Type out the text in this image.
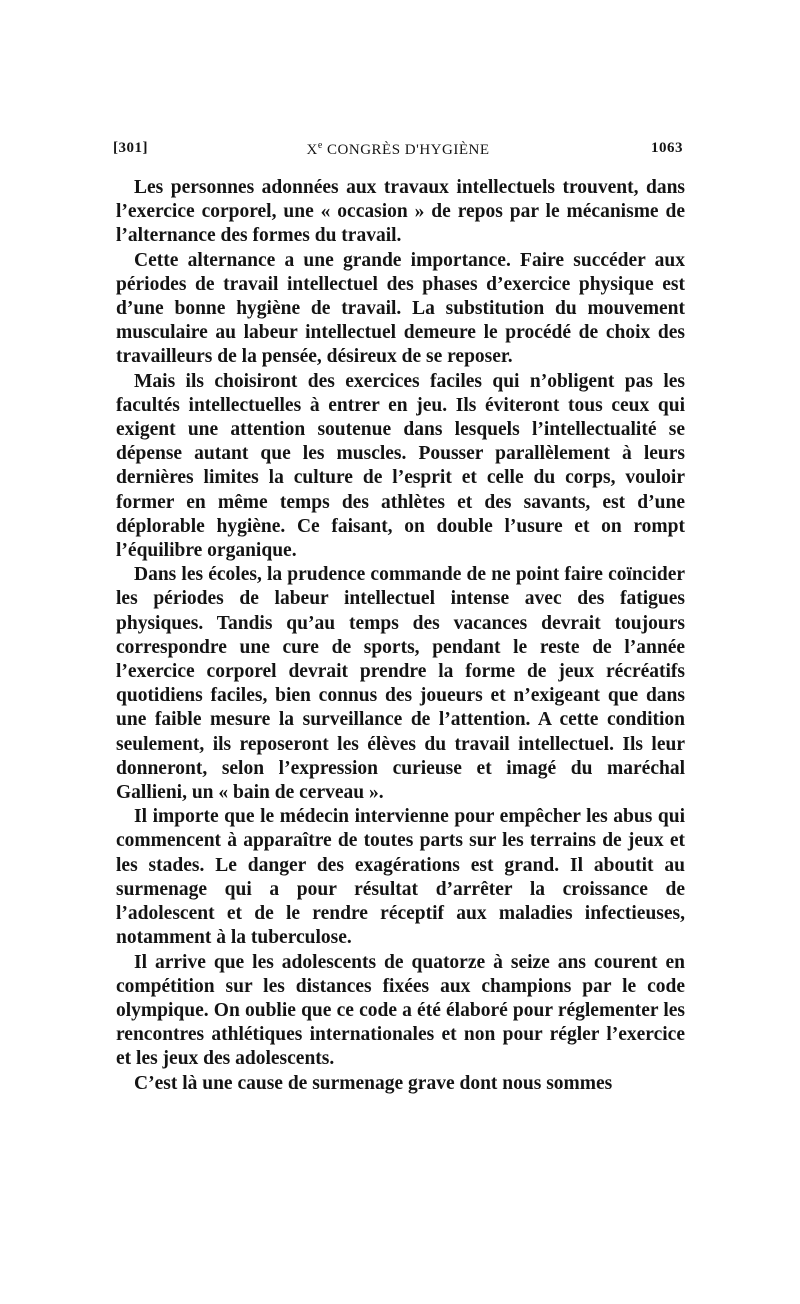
[301]	Xe CONGRÈS D'HYGIÈNE	1063

Les personnes adonnées aux travaux intellectuels trouvent, dans l’exercice corporel, une « occasion » de repos par le mécanisme de l’alternance des formes du travail.

Cette alternance a une grande importance. Faire succéder aux périodes de travail intellectuel des phases d’exercice physique est d’une bonne hygiène de travail. La substitution du mouvement musculaire au labeur intellectuel demeure le procédé de choix des travailleurs de la pensée, désireux de se reposer.

Mais ils choisiront des exercices faciles qui n’obligent pas les facultés intellectuelles à entrer en jeu. Ils éviteront tous ceux qui exigent une attention soutenue dans lesquels l’intellectualité se dépense autant que les muscles. Pousser parallèlement à leurs dernières limites la culture de l’esprit et celle du corps, vouloir former en même temps des athlètes et des savants, est d’une déplorable hygiène. Ce faisant, on double l’usure et on rompt l’équilibre organique.

Dans les écoles, la prudence commande de ne point faire coïncider les périodes de labeur intellectuel intense avec des fatigues physiques. Tandis qu’au temps des vacances devrait toujours correspondre une cure de sports, pendant le reste de l’année l’exercice corporel devrait prendre la forme de jeux récréatifs quotidiens faciles, bien connus des joueurs et n’exigeant que dans une faible mesure la surveillance de l’attention. A cette condition seulement, ils reposeront les élèves du travail intellectuel. Ils leur donneront, selon l’expression curieuse et imagé du maréchal Gallieni, un « bain de cerveau ».

Il importe que le médecin intervienne pour empêcher les abus qui commencent à apparaître de toutes parts sur les terrains de jeux et les stades. Le danger des exagérations est grand. Il aboutit au surmenage qui a pour résultat d’arrêter la croissance de l’adolescent et de le rendre réceptif aux maladies infectieuses, notamment à la tuberculose.

Il arrive que les adolescents de quatorze à seize ans courent en compétition sur les distances fixées aux champions par le code olympique. On oublie que ce code a été élaboré pour réglementer les rencontres athlétiques internationales et non pour régler l’exercice et les jeux des adolescents.

C’est là une cause de surmenage grave dont nous sommes
